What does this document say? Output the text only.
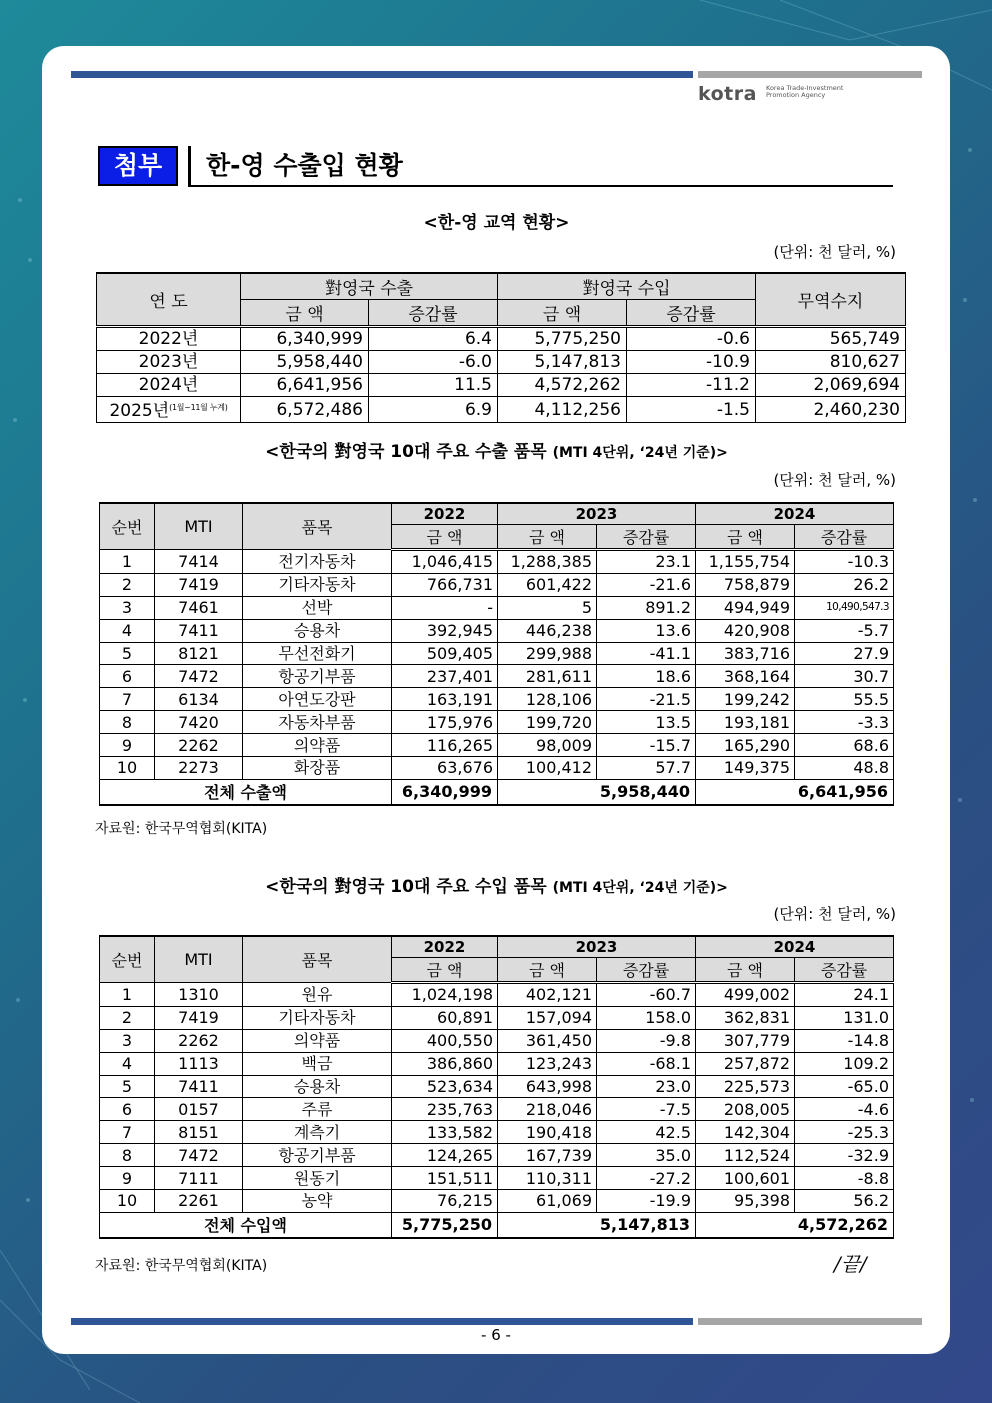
kotra Korea Trade-Investment
Promotion Agency
첨부	한-영 수출입 현황
<한-영 교역 현황>
(단위: 천 달러, %)
연 도	對영국 수출		對영국 수입		무역수지
	금 액	증감률	금 액	증감률	
2022년	6,340,999	6.4	5,775,250	-0.6	565,749
2023년	5,958,440	-6.0	5,147,813	-10.9	810,627
2024년	6,641,956	11.5	4,572,262	-11.2	2,069,694
2025년$^{(1월\sim 11월 누계)}$	6,572,486	6.9	4,112,256	-1.5	2,460,230
<한국의 對영국 10대 주요 수출 품목 (MTI 4단위, ‘24년 기준)>
(단위: 천 달러, %)
순번	MTI	품목	2022	2023		2024	
			금 액	금 액	증감률	금 액	증감률
1	7414	전기자동차	1,046,415	1,288,385	23.1	1,155,754	-10.3
2	7419	기타자동차	766,731	601,422	-21.6	758,879	26.2
3	7461	선박	-	5	891.2	494,949	10,490,547.3
4	7411	승용차	392,945	446,238	13.6	420,908	-5.7
5	8121	무선전화기	509,405	299,988	-41.1	383,716	27.9
6	7472	항공기부품	237,401	281,611	18.6	368,164	30.7
7	6134	아연도강판	163,191	128,106	-21.5	199,242	55.5
8	7420	자동차부품	175,976	199,720	13.5	193,181	-3.3
9	2262	의약품	116,265	98,009	-15.7	165,290	68.6
10	2273	화장품	63,676	100,412	57.7	149,375	48.8
전체 수출액			6,340,999	5,958,440		6,641,956	
자료원: 한국무역협회(KITA)
<한국의 對영국 10대 주요 수입 품목 (MTI 4단위, ‘24년 기준)>
(단위: 천 달러, %)
순번	MTI	품목	2022	2023		2024	
			금 액	금 액	증감률	금 액	증감률
1	1310	원유	1,024,198	402,121	-60.7	499,002	24.1
2	7419	기타자동차	60,891	157,094	158.0	362,831	131.0
3	2262	의약품	400,550	361,450	-9.8	307,779	-14.8
4	1113	백금	386,860	123,243	-68.1	257,872	109.2
5	7411	승용차	523,634	643,998	23.0	225,573	-65.0
6	0157	주류	235,763	218,046	-7.5	208,005	-4.6
7	8151	계측기	133,582	190,418	42.5	142,304	-25.3
8	7472	항공기부품	124,265	167,739	35.0	112,524	-32.9
9	7111	원동기	151,511	110,311	-27.2	100,601	-8.8
10	2261	농약	76,215	61,069	-19.9	95,398	56.2
전체 수입액			5,775,250	5,147,813		4,572,262	
자료원: 한국무역협회(KITA)	/끝/
- 6 -
